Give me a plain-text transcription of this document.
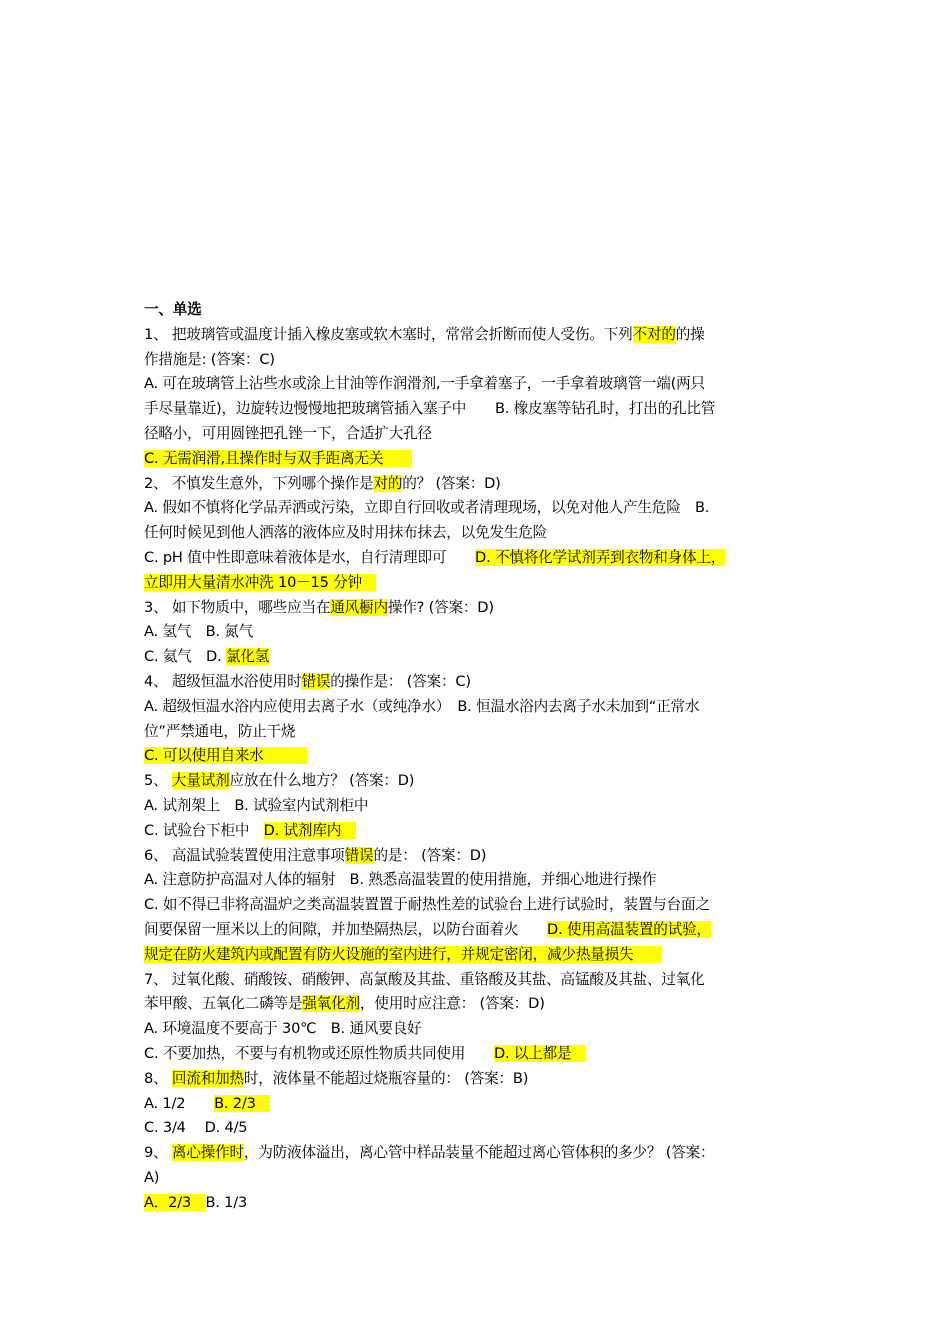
一、单选
1、 把玻璃管或温度计插入橡皮塞或软木塞时，常常会折断而使人受伤。下列不对的的操
作措施是: (答案：C)
A. 可在玻璃管上沾些水或涂上甘油等作润滑剂,一手拿着塞子，一手拿着玻璃管一端(两只
手尽量靠近)，边旋转边慢慢地把玻璃管插入塞子中　　B. 橡皮塞等钻孔时，打出的孔比管
径略小，可用圆锉把孔锉一下，合适扩大孔径
C. 无需润滑,且操作时与双手距离无关　　
2、 不慎发生意外，下列哪个操作是对的的？ (答案：D)
A. 假如不慎将化学品弄洒或污染，立即自行回收或者清理现场，以免对他人产生危险　B.
任何时候见到他人洒落的液体应及时用抹布抹去，以免发生危险
C. pH 值中性即意味着液体是水，自行清理即可　　D. 不慎将化学试剂弄到衣物和身体上，
立即用大量清水冲洗 10－15 分钟　
3、 如下物质中，哪些应当在通风橱内操作? (答案：D)
A. 氢气　B. 氮气
C. 氦气　D. 氯化氢
4、 超级恒温水浴使用时错误的操作是： (答案：C)
A. 超级恒温水浴内应使用去离子水（或纯净水）　B. 恒温水浴内去离子水未加到“正常水
位”严禁通电，防止干烧
C. 可以使用自来水　　　
5、 大量试剂应放在什么地方？ (答案：D)
A. 试剂架上　B. 试验室内试剂柜中
C. 试验台下柜中　D. 试剂库内　
6、 高温试验装置使用注意事项错误的是： (答案：D)
A. 注意防护高温对人体的辐射　B. 熟悉高温装置的使用措施，并细心地进行操作
C. 如不得已非将高温炉之类高温装置置于耐热性差的试验台上进行试验时，装置与台面之
间要保留一厘米以上的间隙，并加垫隔热层，以防台面着火　　D. 使用高温装置的试验，
规定在防火建筑内或配置有防火设施的室内进行，并规定密闭，减少热量损失　　
7、 过氧化酸、硝酸铵、硝酸钾、高氯酸及其盐、重铬酸及其盐、高锰酸及其盐、过氧化
苯甲酸、五氧化二磷等是强氧化剂，使用时应注意： (答案：D)
A. 环境温度不要高于 30℃　B. 通风要良好
C. 不要加热，不要与有机物或还原性物质共同使用　　D. 以上都是　
8、 回流和加热时，液体量不能超过烧瓶容量的： (答案：B)
A. 1/2　　B. 2/3　
C. 3/4　 D. 4/5
9、 离心操作时，为防液体溢出，离心管中样品装量不能超过离心管体积的多少？ (答案：
A)
A．2/3　B. 1/3
